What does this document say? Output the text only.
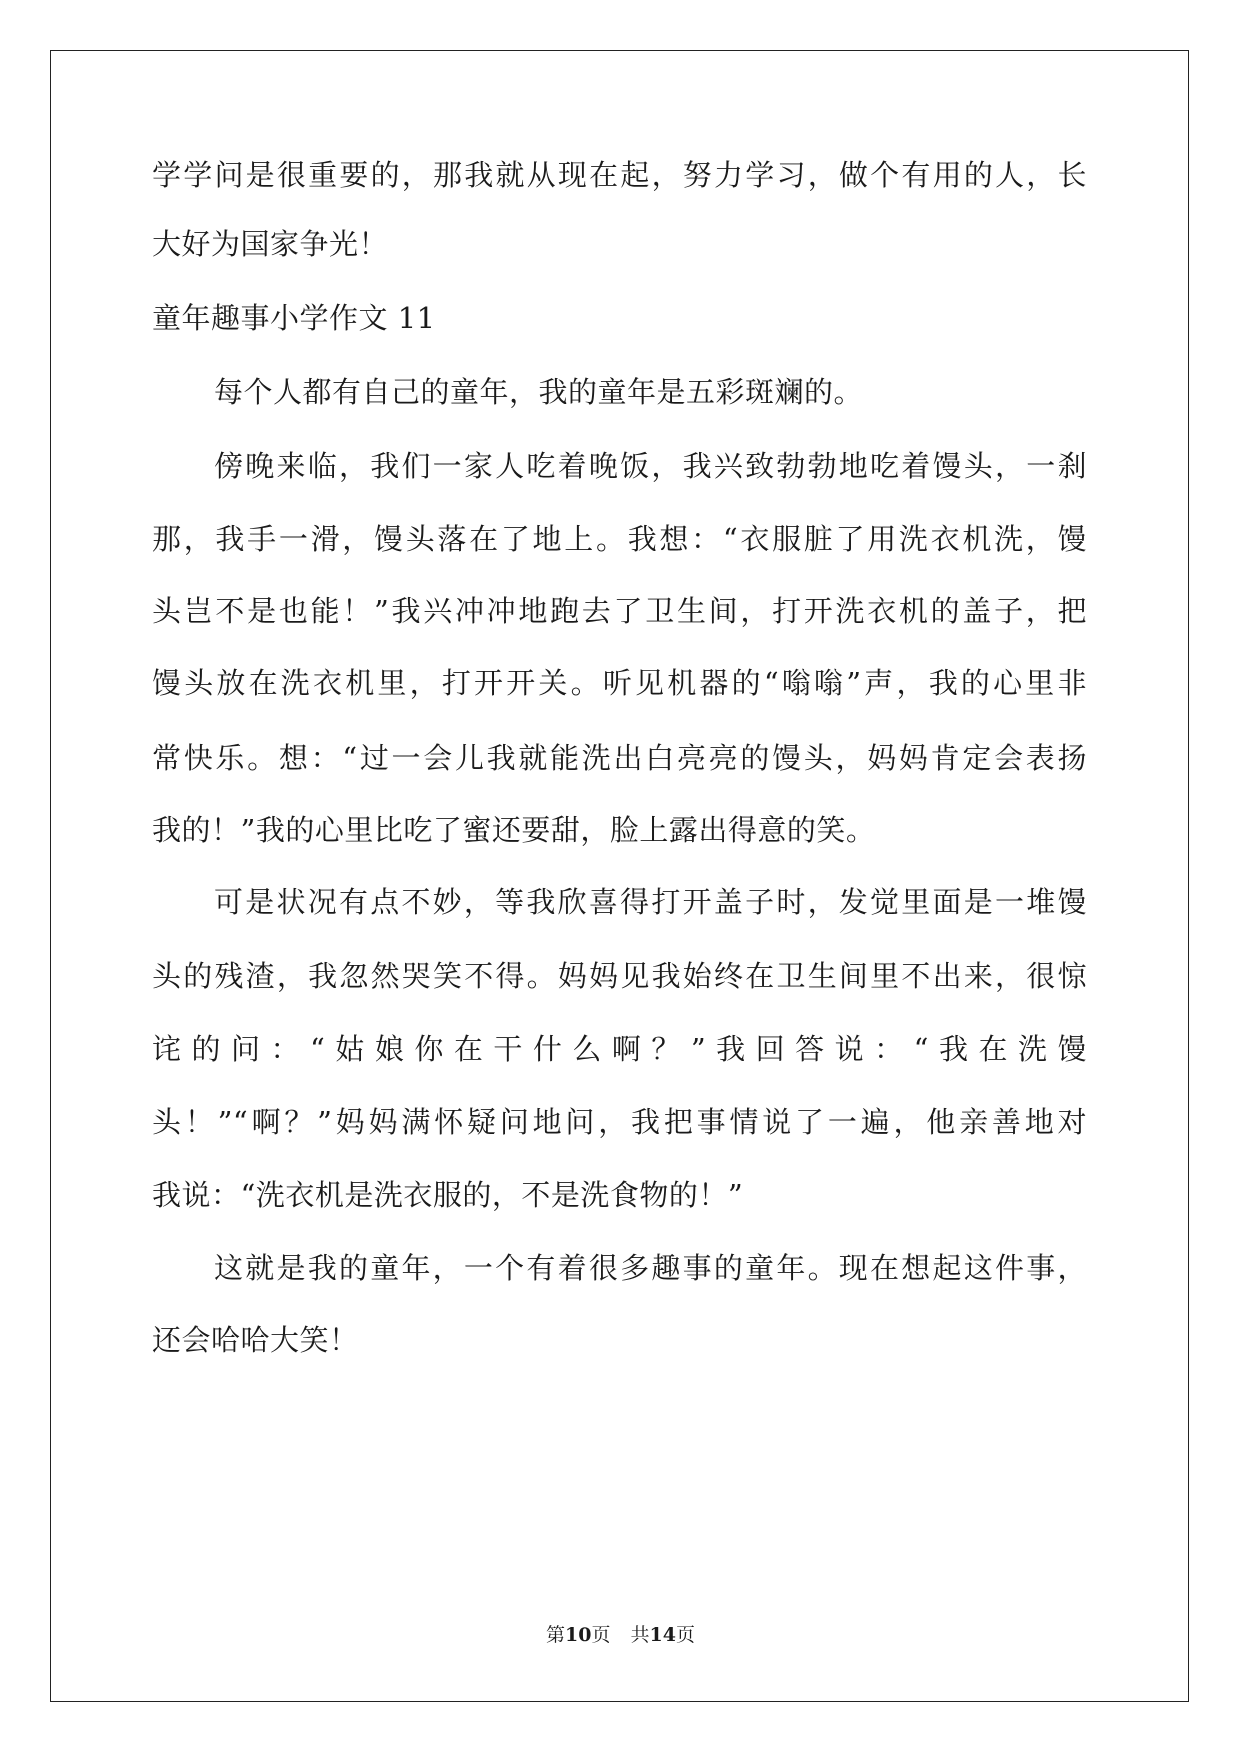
学学问是很重要的，那我就从现在起，努力学习，做个有用的人，长
大好为国家争光！
童年趣事小学作文 11
每个人都有自己的童年，我的童年是五彩斑斓的。
傍晚来临，我们一家人吃着晚饭，我兴致勃勃地吃着馒头，一刹
那，我手一滑，馒头落在了地上。我想：“衣服脏了用洗衣机洗，馒
头岂不是也能！”我兴冲冲地跑去了卫生间，打开洗衣机的盖子，把
馒头放在洗衣机里，打开开关。听见机器的“嗡嗡”声，我的心里非
常快乐。想：“过一会儿我就能洗出白亮亮的馒头，妈妈肯定会表扬
我的！”我的心里比吃了蜜还要甜，脸上露出得意的笑。
可是状况有点不妙，等我欣喜得打开盖子时，发觉里面是一堆馒
头的残渣，我忽然哭笑不得。妈妈见我始终在卫生间里不出来，很惊
诧的问：“姑娘你在干什么啊？”我回答说：“我在洗馒
头！”“啊？”妈妈满怀疑问地问，我把事情说了一遍，他亲善地对
我说：“洗衣机是洗衣服的，不是洗食物的！”
这就是我的童年，一个有着很多趣事的童年。现在想起这件事，
还会哈哈大笑！
第10页 共14页
